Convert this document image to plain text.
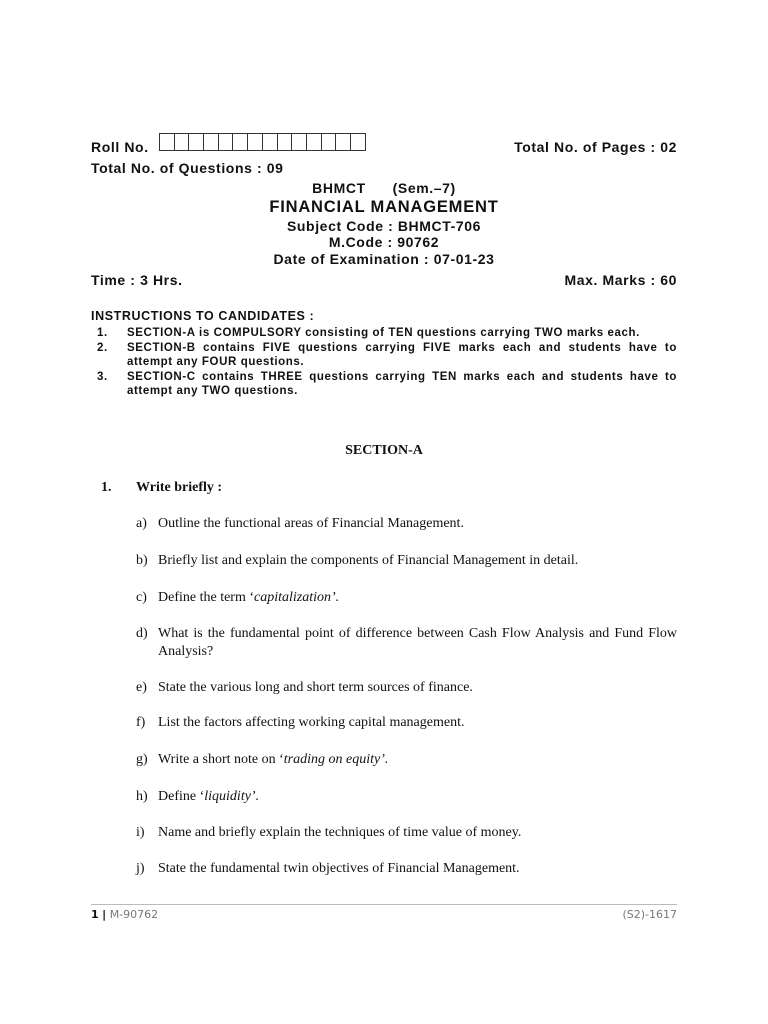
Roll No.	Total No. of Pages : 02
Total No. of Questions : 09
BHMCT      (Sem.–7)
FINANCIAL MANAGEMENT
Subject Code : BHMCT-706
M.Code : 90762
Date of Examination : 07-01-23
Time : 3 Hrs.	Max. Marks : 60
INSTRUCTIONS TO CANDIDATES :
1. SECTION-A is COMPULSORY consisting of TEN questions carrying TWO marks each.
2. SECTION-B contains FIVE questions carrying FIVE marks each and students have to attempt any FOUR questions.
3. SECTION-C contains THREE questions carrying TEN marks each and students have to attempt any TWO questions.
SECTION-A
1. Write briefly :
a) Outline the functional areas of Financial Management.
b) Briefly list and explain the components of Financial Management in detail.
c) Define the term ‘capitalization’.
d) What is the fundamental point of difference between Cash Flow Analysis and Fund Flow Analysis?
e) State the various long and short term sources of finance.
f) List the factors affecting working capital management.
g) Write a short note on ‘trading on equity’.
h) Define ‘liquidity’.
i) Name and briefly explain the techniques of time value of money.
j) State the fundamental twin objectives of Financial Management.
1 | M-90762	(S2)-1617
